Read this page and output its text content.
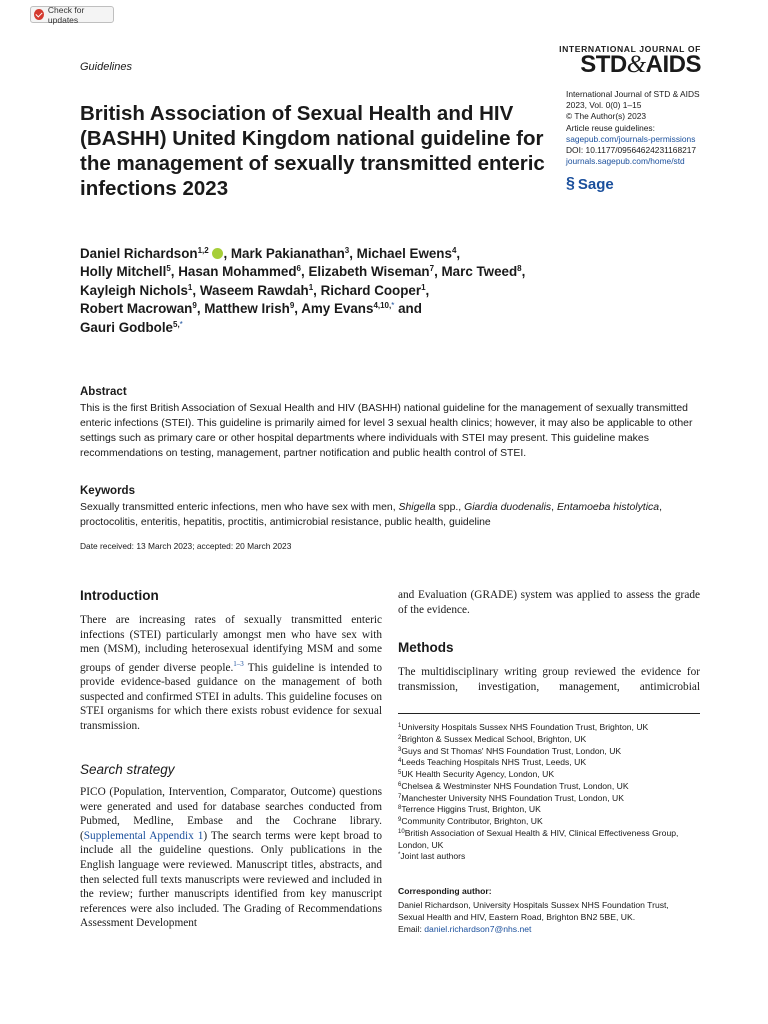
Check for updates
Guidelines
INTERNATIONAL JOURNAL OF
STD&AIDS
International Journal of STD & AIDS
2023, Vol. 0(0) 1–15
© The Author(s) 2023
Article reuse guidelines:
sagepub.com/journals-permissions
DOI: 10.1177/09564624231168217
journals.sagepub.com/home/std
§ Sage
British Association of Sexual Health and HIV (BASHH) United Kingdom national guideline for the management of sexually transmitted enteric infections 2023
Daniel Richardson$^{1,2}$ , Mark Pakianathan$^3$, Michael Ewens$^4$,
Holly Mitchell$^5$, Hasan Mohammed$^6$, Elizabeth Wiseman$^7$, Marc Tweed$^8$, Kayleigh Nichols$^1$, Waseem Rawdah$^1$, Richard Cooper$^1$,
Robert Macrowan$^9$, Matthew Irish$^9$, Amy Evans$^{4,10,*}$ and
Gauri Godbole$^{5,*}$
Abstract
This is the first British Association of Sexual Health and HIV (BASHH) national guideline for the management of sexually transmitted enteric infections (STEI). This guideline is primarily aimed for level 3 sexual health clinics; however, it may also be applicable to other settings such as primary care or other hospital departments where individuals with STEI may present. This guideline makes recommendations on testing, management, partner notification and public health control of STEI.
Keywords
Sexually transmitted enteric infections, men who have sex with men, Shigella spp., Giardia duodenalis, Entamoeba histolytica, proctocolitis, enteritis, hepatitis, proctitis, antimicrobial resistance, public health, guideline
Date received: 13 March 2023; accepted: 20 March 2023
Introduction
There are increasing rates of sexually transmitted enteric infections (STEI) particularly amongst men who have sex with men (MSM), including heterosexual identifying MSM and some groups of gender diverse people.$^{1-3}$ This guideline is intended to provide evidence-based guidance on the management of both suspected and confirmed STEI in adults. This guideline focuses on STEI organisms for which there exists robust evidence for sexual transmission.
Search strategy
PICO (Population, Intervention, Comparator, Outcome) questions were generated and used for database searches conducted from Pubmed, Medline, Embase and the Cochrane library. (Supplemental Appendix 1) The search terms were kept broad to include all the guideline questions. Only publications in the English language were reviewed. Manuscript titles, abstracts, and then selected full texts manuscripts were reviewed and included in the review; further manuscripts identified from key manuscript references were also included. The Grading of Recommendations Assessment Development
and Evaluation (GRADE) system was applied to assess the grade of the evidence.
Methods
The multidisciplinary writing group reviewed the evidence for transmission, investigation, management, antimicrobial
$^1$University Hospitals Sussex NHS Foundation Trust, Brighton, UK
$^2$Brighton & Sussex Medical School, Brighton, UK
$^3$Guys and St Thomas' NHS Foundation Trust, London, UK
$^4$Leeds Teaching Hospitals NHS Trust, Leeds, UK
$^5$UK Health Security Agency, London, UK
$^6$Chelsea & Westminster NHS Foundation Trust, London, UK
$^7$Manchester University NHS Foundation Trust, London, UK
$^8$Terrence Higgins Trust, Brighton, UK
$^9$Community Contributor, Brighton, UK
$^{10}$British Association of Sexual Health & HIV, Clinical Effectiveness Group, London, UK
*Joint last authors
Corresponding author:
Daniel Richardson, University Hospitals Sussex NHS Foundation Trust,
Sexual Health and HIV, Eastern Road, Brighton BN2 5BE, UK.
Email: daniel.richardson7@nhs.net
